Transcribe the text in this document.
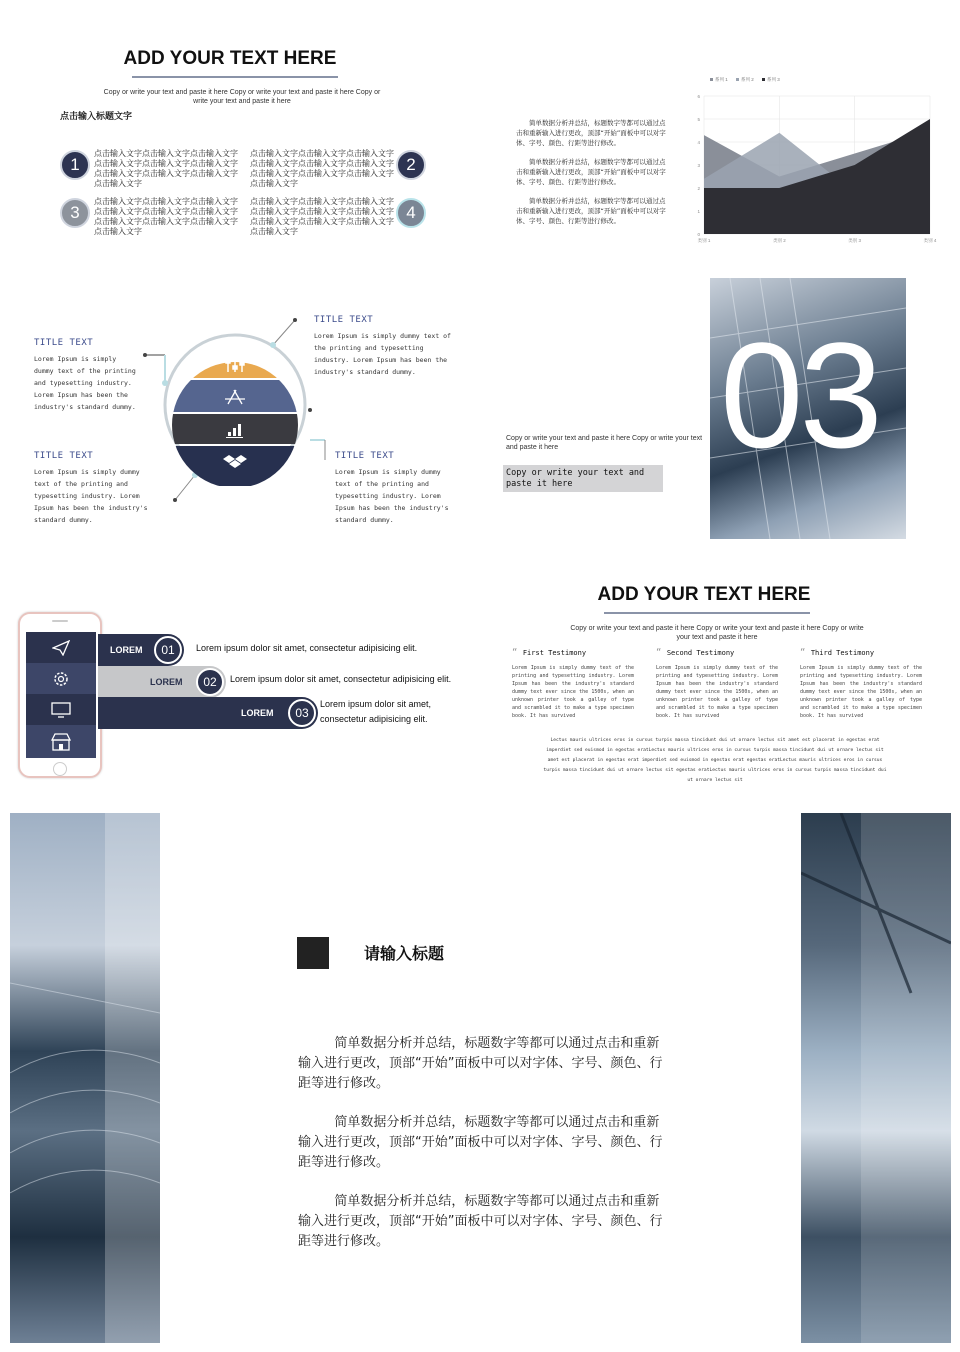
ADD YOUR TEXT HERE
Copy or write your text and paste it here Copy or write your text and paste it here Copy or write your text and paste it here
点击输入标题文字
1
点击输入文字点击输入文字点击输入文字点击输入文字点击输入文字点击输入文字点击输入文字点击输入文字点击输入文字点击输入文字
2
点击输入文字点击输入文字点击输入文字点击输入文字点击输入文字点击输入文字点击输入文字点击输入文字点击输入文字点击输入文字
3
点击输入文字点击输入文字点击输入文字点击输入文字点击输入文字点击输入文字点击输入文字点击输入文字点击输入文字点击输入文字
4
点击输入文字点击输入文字点击输入文字点击输入文字点击输入文字点击输入文字点击输入文字点击输入文字点击输入文字点击输入文字
简单数据分析并总结，标题数字等都可以通过点击和重新输入进行更改，顶部“开始”面板中可以对字体、字号、颜色、行距等进行修改。
简单数据分析并总结，标题数字等都可以通过点击和重新输入进行更改，顶部“开始”面板中可以对字体、字号、颜色、行距等进行修改。
简单数据分析并总结，标题数字等都可以通过点击和重新输入进行更改，顶部“开始”面板中可以对字体、字号、颜色、行距等进行修改。
0
1
2
3
4
5
6
类别 1	类别 2	类别 3	类别 4
系列 1	系列 2	系列 3
TITLE TEXT
Lorem Ipsum is simply dummy text of the printing and typesetting industry. Lorem Ipsum has been the industry's standard dummy.
TITLE TEXT
Lorem Ipsum is simply dummy text of the printing and typesetting industry. Lorem Ipsum has been the industry's standard dummy.
TITLE TEXT
Lorem Ipsum is simply dummy text of the printing and typesetting industry. Lorem Ipsum has been the industry's standard dummy.
TITLE TEXT
Lorem Ipsum is simply dummy text of the printing and typesetting industry. Lorem Ipsum has been the industry's standard dummy.
03
Copy or write your text and paste it here Copy or write your text and paste it here
Copy or write your text and paste it here
LOREM	01	Lorem ipsum dolor sit amet, consectetur adipisicing elit.
LOREM	02	Lorem ipsum dolor sit amet, consectetur adipisicing elit.
LOREM	03
Lorem ipsum dolor sit amet, consectetur adipisicing elit.
ADD YOUR TEXT HERE
Copy or write your text and paste it here Copy or write your text and paste it here Copy or write your text and paste it here
“ First Testimony
Lorem Ipsum is simply dummy text of the printing and typesetting industry. Lorem Ipsum has been the industry's standard dummy text ever since the 1500s, when an unknown printer took a galley of type and scrambled it to make a type specimen book. It has survived
“ Second Testimony
Lorem Ipsum is simply dummy text of the printing and typesetting industry. Lorem Ipsum has been the industry's standard dummy text ever since the 1500s, when an unknown printer took a galley of type and scrambled it to make a type specimen book. It has survived
“ Third Testimony
Lorem Ipsum is simply dummy text of the printing and typesetting industry. Lorem Ipsum has been the industry's standard dummy text ever since the 1500s, when an unknown printer took a galley of type and scrambled it to make a type specimen book. It has survived
Lectus mauris ultrices eros in cursus turpis massa tincidunt dui ut ornare lectus sit amet est placerat in egestas erat imperdiet sed euismod in egestas eratLectus mauris ultrices eros in cursus turpis massa tincidunt dui ut ornare lectus sit amet est placerat in egestas erat imperdiet sed euismod in egestas erat egestas eratLectus mauris ultrices eros in cursus turpis massa tincidunt dui ut ornare lectus sit egestas eratLectus mauris ultrices eros in cursus turpis massa tincidunt dui ut ornare lectus sit
请输入标题
简单数据分析并总结，标题数字等都可以通过点击和重新输入进行更改，顶部“开始”面板中可以对字体、字号、颜色、行距等进行修改。
简单数据分析并总结，标题数字等都可以通过点击和重新输入进行更改，顶部“开始”面板中可以对字体、字号、颜色、行距等进行修改。
简单数据分析并总结，标题数字等都可以通过点击和重新输入进行更改，顶部“开始”面板中可以对字体、字号、颜色、行距等进行修改。
